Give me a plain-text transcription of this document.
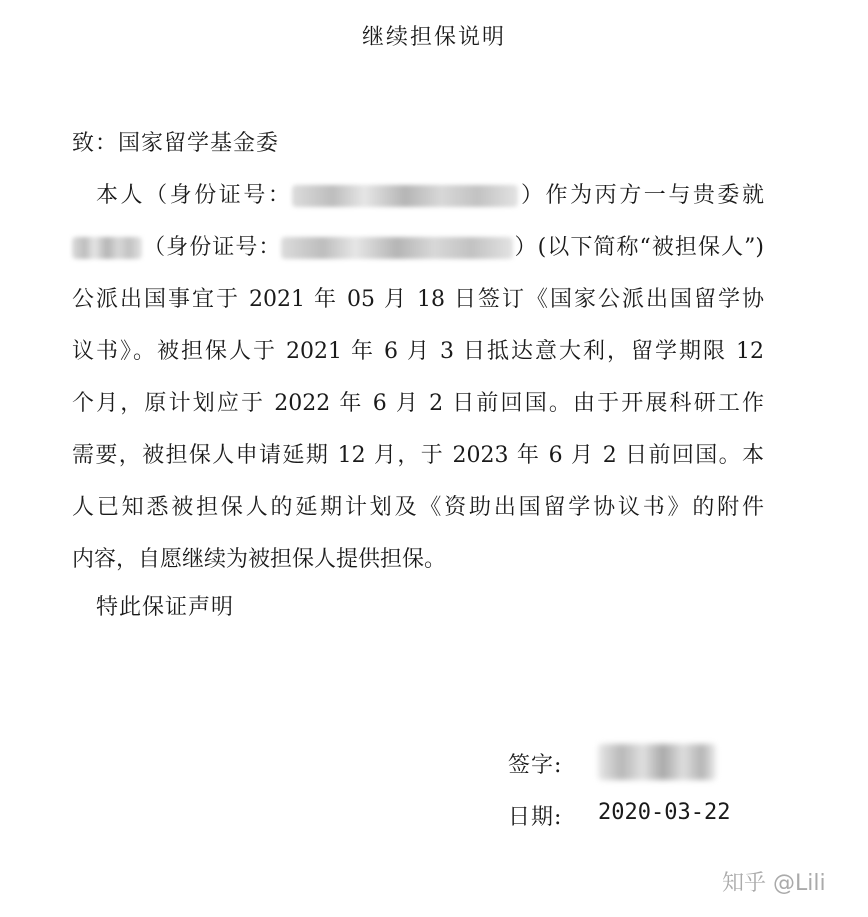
继续担保说明
致：国家留学基金委
本人（身份证号：	）作为丙方一与贵委就
（身份证号：	）(以下简称“被担保人”)
公派出国事宜于 2021 年 05 月 18 日签订《国家公派出国留学协
议书》。被担保人于 2021 年 6 月 3 日抵达意大利，留学期限 12
个月，原计划应于 2022 年 6 月 2 日前回国。由于开展科研工作
需要，被担保人申请延期 12 月，于 2023 年 6 月 2 日前回国。本
人已知悉被担保人的延期计划及《资助出国留学协议书》的附件
内容，自愿继续为被担保人提供担保。
特此保证声明
签字:
日期: 2020-03-22
知乎 @Lili
